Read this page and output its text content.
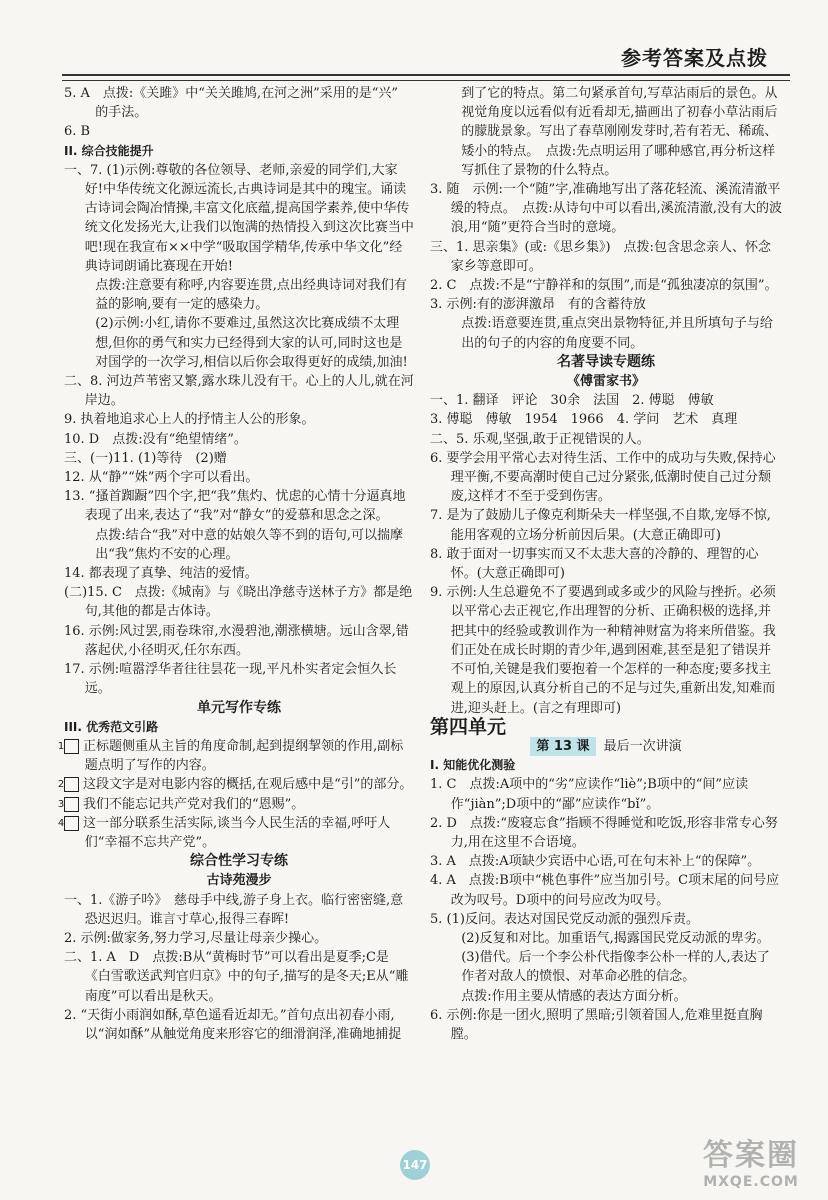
参考答案及点拨

5. A　点拨:《关雎》中“关关雎鸠,在河之洲”采用的是“兴”

的手法。

6. B

II. 综合技能提升

一、7. (1)示例:尊敬的各位领导、老师,亲爱的同学们,大家好!中华传统文化源远流长,古典诗词是其中的瑰宝。诵读古诗词会陶冶情操,丰富文化底蕴,提高国学素养,使中华传统文化发扬光大,让我们以饱满的热情投入到这次比赛当中吧!现在我宣布××中学“吸取国学精华,传承中华文化”经典诗词朗诵比赛现在开始!

点拨:注意要有称呼,内容要连贯,点出经典诗词对我们有益的影响,要有一定的感染力。

(2)示例:小红,请你不要难过,虽然这次比赛成绩不太理想,但你的勇气和实力已经得到大家的认可,同时这也是对国学的一次学习,相信以后你会取得更好的成绩,加油!

二、8. 河边芦苇密又繁,露水珠儿没有干。心上的人儿,就在河岸边。

9. 执着地追求心上人的抒情主人公的形象。

10. D　点拨:没有“绝望情绪”。

三、(一)11. (1)等待　(2)赠

12. 从“静”“姝”两个字可以看出。

13. “搔首踟蹰”四个字,把“我”焦灼、忧虑的心情十分逼真地表现了出来,表达了“我”对“静女”的爱慕和思念之深。

点拨:结合“我”对中意的姑娘久等不到的语句,可以揣摩出“我”焦灼不安的心理。

14. 都表现了真挚、纯洁的爱情。

(二)15. C　点拨:《城南》与《晓出净慈寺送林子方》都是绝句,其他的都是古体诗。

16. 示例:风过罢,雨卷珠帘,水漫碧池,潮涨横塘。远山含翠,错落起伏,小径明灭,任尔东西。

17. 示例:喧嚣浮华者往往昙花一现,平凡朴实者定会恒久长远。

单元写作专练

III. 优秀范文引路

1 正标题侧重从主旨的角度命制,起到提纲挈领的作用,副标题点明了写作的内容。

2 这段文字是对电影内容的概括,在观后感中是“引”的部分。

3 我们不能忘记共产党对我们的“恩赐”。

4 这一部分联系生活实际,谈当今人民生活的幸福,呼吁人们“幸福不忘共产党”。

综合性学习专练

古诗苑漫步

一、1.《游子吟》　慈母手中线,游子身上衣。临行密密缝,意恐迟迟归。谁言寸草心,报得三春晖!

2. 示例:做家务,努力学习,尽量让母亲少操心。

二、1. A　D　点拨:B从“黄梅时节”可以看出是夏季;C是《白雪歌送武判官归京》中的句子,描写的是冬天;E从“雕南度”可以看出是秋天。

2. “天街小雨润如酥,草色遥看近却无。”首句点出初春小雨,以“润如酥”从触觉角度来形容它的细滑润泽,准确地捕捉

到了它的特点。第二句紧承首句,写草沾雨后的景色。从视觉角度以远看似有近看却无,描画出了初春小草沾雨后的朦胧景象。写出了春草刚刚发芽时,若有若无、稀疏、矮小的特点。　点拨:先点明运用了哪种感官,再分析这样写抓住了景物的什么特点。

3. 随　示例:一个“随”字,准确地写出了落花轻流、溪流清澈平缓的特点。　点拨:从诗句中可以看出,溪流清澈,没有大的波浪,用“随”更符合当时的意境。

三、1. 思亲集》(或:《思乡集》)　点拨:包含思念亲人、怀念家乡等意即可。

2. C　点拨:不是“宁静祥和的氛围”,而是“孤独凄凉的氛围”。

3. 示例:有的澎湃激昂　有的含蓄待放

点拨:语意要连贯,重点突出景物特征,并且所填句子与给出的句子的内容的角度要不同。

名著导读专题练

《傅雷家书》

一、1. 翻译　评论　30余　法国　2. 傅聪　傅敏

3. 傅聪　傅敏　1954　1966　4. 学问　艺术　真理

二、5. 乐观,坚强,敢于正视错误的人。

6. 要学会用平常心去对待生活、工作中的成功与失败,保持心理平衡,不要高潮时使自己过分紧张,低潮时使自己过分颓废,这样才不至于受到伤害。

7. 是为了鼓励儿子像克利斯朵夫一样坚强,不自欺,宠辱不惊,能用客观的立场分析前因后果。(大意正确即可)

8. 敢于面对一切事实而又不太悲大喜的冷静的、理智的心怀。(大意正确即可)

9. 示例:人生总避免不了要遇到或多或少的风险与挫折。必须以平常心去正视它,作出理智的分析、正确积极的选择,并把其中的经验或教训作为一种精神财富为将来所借鉴。我们正处在成长时期的青少年,遇到困难,甚至是犯了错误并不可怕,关键是我们要抱着一个怎样的一种态度;要多找主观上的原因,认真分析自己的不足与过失,重新出发,知难而进,迎头赶上。(言之有理即可)

第四单元

第 13 课 最后一次讲演

I. 知能优化测验

1. C　点拨:A项中的“劣”应读作“liè”;B项中的“间”应读作“jiàn”;D项中的“鄙”应读作“bǐ”。

2. D　点拨:“废寝忘食”指顾不得睡觉和吃饭,形容非常专心努力,用在这里不合语境。

3. A　点拨:A项缺少宾语中心语,可在句末补上“的保障”。

4. A　点拨:B项中“桃色事件”应当加引号。C项末尾的问号应改为叹号。D项中的问号应改为叹号。

5. (1)反问。表达对国民党反动派的强烈斥责。

(2)反复和对比。加重语气,揭露国民党反动派的卑劣。

(3)借代。后一个李公朴代指像李公朴一样的人,表达了作者对敌人的愤恨、对革命必胜的信念。

点拨:作用主要从情感的表达方面分析。

6. 示例:你是一团火,照明了黑暗;引领着国人,危难里挺直胸膛。

147	答案圈
MXQE.COM
